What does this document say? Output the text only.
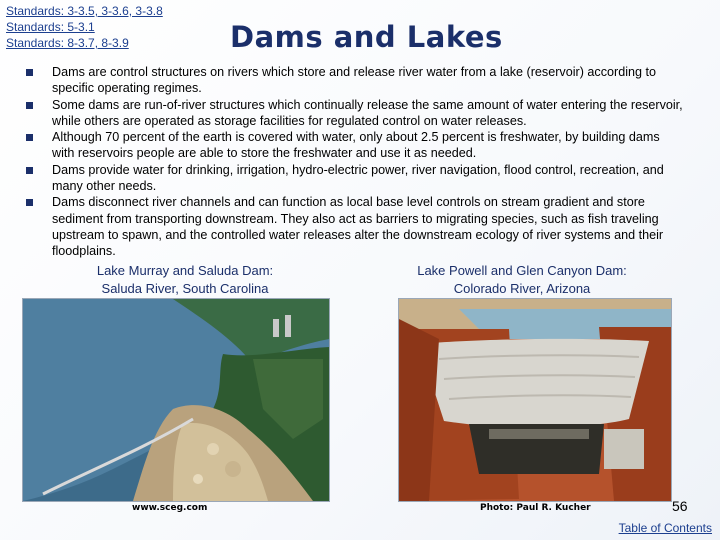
Standards: 3-3.5, 3-3.6, 3-3.8
Standards: 5-3.1
Standards: 8-3.7, 8-3.9	Dams and Lakes
Dams are control structures on rivers which store and release river water from a lake (reservoir) according to specific operating regimes.
Some dams are run-of-river structures which continually release the same amount of water entering the reservoir, while others are operated as storage facilities for regulated control on water releases.
Although 70 percent of the earth is covered with water, only about 2.5 percent is freshwater, by building dams with reservoirs people are able to store the freshwater and use it as needed.
Dams provide water for drinking, irrigation, hydro-electric power, river navigation, flood control, recreation, and many other needs.
Dams disconnect river channels and can function as local base level controls on stream gradient and store sediment from transporting downstream. They also act as barriers to migrating species, such as fish traveling upstream to spawn, and the controlled water releases alter the downstream ecology of river systems and their floodplains.
Lake Murray and Saluda Dam:
Saluda River, South Carolina
Lake Powell and Glen Canyon Dam:
Colorado River, Arizona
www.sceg.com	Photo: Paul R. Kucher	56
Table of Contents
